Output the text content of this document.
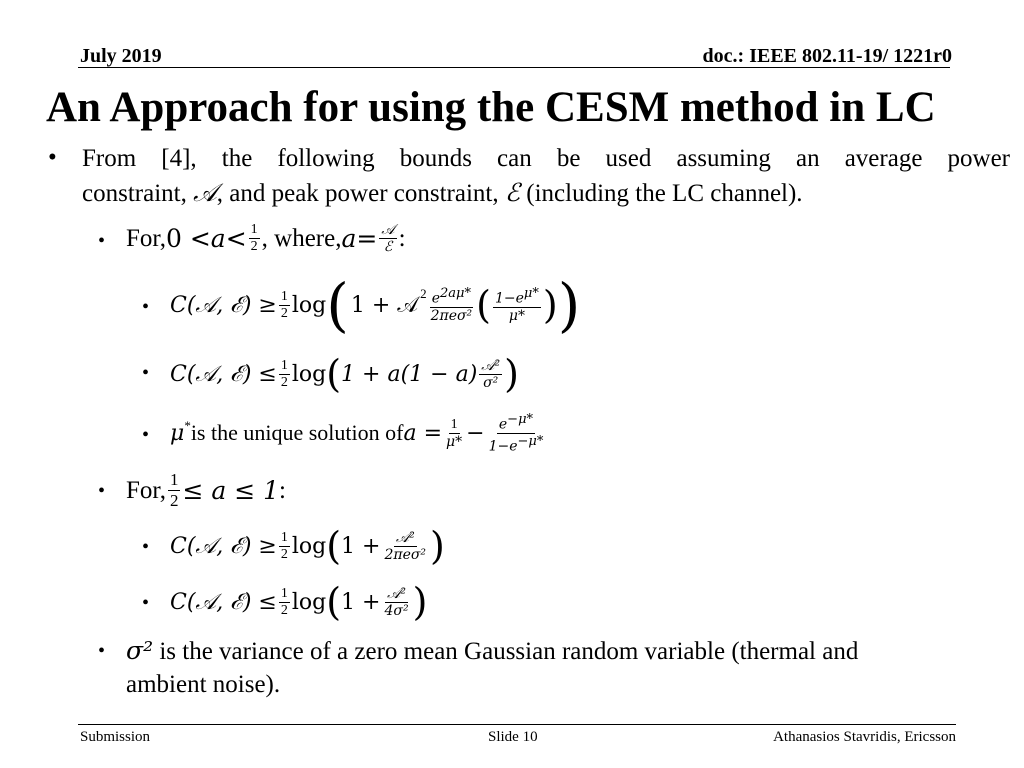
July 2019	doc.: IEEE 802.11-19/ 1221r0
An Approach for using the CESM method in LC
• From [4], the following bounds can be used assuming an average power
constraint, 𝒜, and peak power constraint, ℰ (including the LC channel).
• For, $0 < a < \frac{1}{2}$ , where, $a = \frac{\text{𝒜}}{\text{ℰ}}$ :
• C(𝒜, ℰ) ≥ $\frac{1}{2}$ log ( 1 + 𝒜$^2$ $\frac{e^{2a\mu*}}{\text{2πeσ²}}$ ( $\frac{1-e^{\mu*}}{\mu*}$ ) )
• C(𝒜, ℰ) ≤ $\frac{1}{2}$ log ( $1 + a(1 - a) \frac{\text{𝒜²}}{\text{σ²}}$ )
• μ* is the unique solution of $a = \frac{1}{\mu*} - \frac{e^{-\mu*}}{1-e^{-\mu*}}$
• For, $\frac{1}{2} \le a \le 1$ :
• C(𝒜, ℰ) ≥ $\frac{1}{2}$ log ( $1 + \frac{\text{𝒜²}}{\text{2πeσ²}}$ )
• C(𝒜, ℰ) ≤ $\frac{1}{2}$ log ( $1 + \frac{\text{𝒜²}}{\text{4σ²}}$ )
• σ² is the variance of a zero mean Gaussian random variable (thermal and
ambient noise).
Submission	Slide 10	Athanasios Stavridis, Ericsson
